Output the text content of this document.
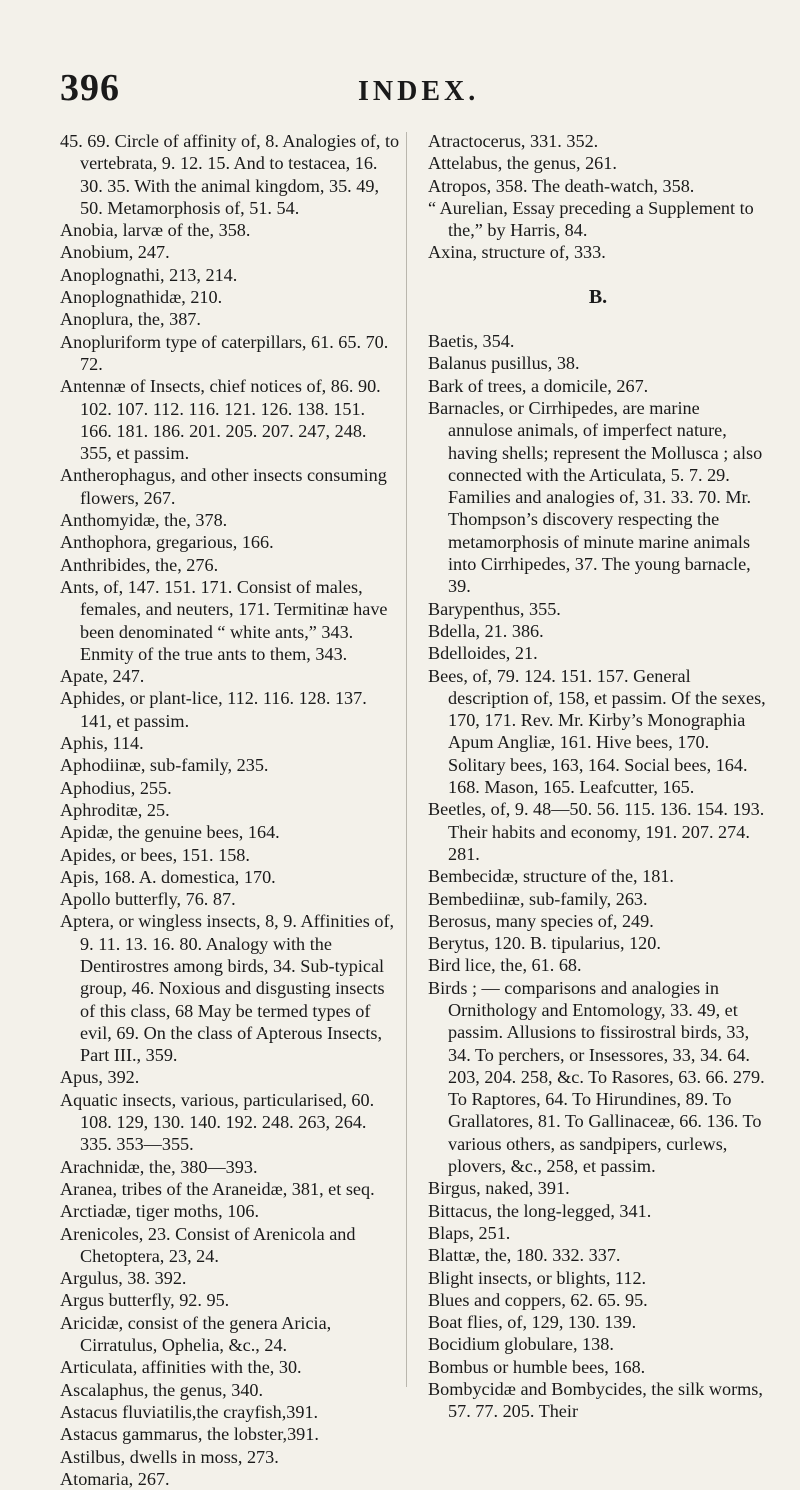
396	INDEX.

45. 69. Circle of affinity of, 8. Analogies of, to vertebrata, 9. 12. 15. And to testacea, 16. 30. 35. With the animal kingdom, 35. 49, 50. Metamorphosis of, 51. 54.

Anobia, larvæ of the, 358.

Anobium, 247.

Anoplognathi, 213, 214.

Anoplognathidæ, 210.

Anoplura, the, 387.

Anopluriform type of caterpillars, 61. 65. 70. 72.

Antennæ of Insects, chief notices of, 86. 90. 102. 107. 112. 116. 121. 126. 138. 151. 166. 181. 186. 201. 205. 207. 247, 248. 355, et passim.

Antherophagus, and other insects consuming flowers, 267.

Anthomyidæ, the, 378.

Anthophora, gregarious, 166.

Anthribides, the, 276.

Ants, of, 147. 151. 171. Consist of males, females, and neuters, 171. Termitinæ have been denominated “ white ants,” 343. Enmity of the true ants to them, 343.

Apate, 247.

Aphides, or plant-lice, 112. 116. 128. 137. 141, et passim.

Aphis, 114.

Aphodiinæ, sub-family, 235.

Aphodius, 255.

Aphroditæ, 25.

Apidæ, the genuine bees, 164.

Apides, or bees, 151. 158.

Apis, 168. A. domestica, 170.

Apollo butterfly, 76. 87.

Aptera, or wingless insects, 8, 9. Affinities of, 9. 11. 13. 16. 80. Analogy with the Dentirostres among birds, 34. Sub-typical group, 46. Noxious and disgusting insects of this class, 68 May be termed types of evil, 69. On the class of Apterous Insects, Part III., 359.

Apus, 392.

Aquatic insects, various, particularised, 60. 108. 129, 130. 140. 192. 248. 263, 264. 335. 353—355.

Arachnidæ, the, 380—393.

Aranea, tribes of the Araneidæ, 381, et seq.

Arctiadæ, tiger moths, 106.

Arenicoles, 23. Consist of Arenicola and Chetoptera, 23, 24.

Argulus, 38. 392.

Argus butterfly, 92. 95.

Aricidæ, consist of the genera Aricia, Cirratulus, Ophelia, &c., 24.

Articulata, affinities with the, 30.

Ascalaphus, the genus, 340.

Astacus fluviatilis,the crayfish,391.

Astacus gammarus, the lobster,391.

Astilbus, dwells in moss, 273.

Atomaria, 267.

Atractocerus, 331. 352.

Attelabus, the genus, 261.

Atropos, 358. The death-watch, 358.

“ Aurelian, Essay preceding a Supplement to the,” by Harris, 84.

Axina, structure of, 333.

B.

Baetis, 354.

Balanus pusillus, 38.

Bark of trees, a domicile, 267.

Barnacles, or Cirrhipedes, are marine annulose animals, of imperfect nature, having shells; represent the Mollusca ; also connected with the Articulata, 5. 7. 29. Families and analogies of, 31. 33. 70. Mr. Thompson’s discovery respecting the metamorphosis of minute marine animals into Cirrhipedes, 37. The young barnacle, 39.

Barypenthus, 355.

Bdella, 21. 386.

Bdelloides, 21.

Bees, of, 79. 124. 151. 157. General description of, 158, et passim. Of the sexes, 170, 171. Rev. Mr. Kirby’s Monographia Apum Angliæ, 161. Hive bees, 170. Solitary bees, 163, 164. Social bees, 164. 168. Mason, 165. Leafcutter, 165.

Beetles, of, 9. 48—50. 56. 115. 136. 154. 193. Their habits and economy, 191. 207. 274. 281.

Bembecidæ, structure of the, 181.

Bembediinæ, sub-family, 263.

Berosus, many species of, 249.

Berytus, 120. B. tipularius, 120.

Bird lice, the, 61. 68.

Birds ; — comparisons and analogies in Ornithology and Entomology, 33. 49, et passim. Allusions to fissirostral birds, 33, 34. To perchers, or Insessores, 33, 34. 64. 203, 204. 258, &c. To Rasores, 63. 66. 279. To Raptores, 64. To Hirundines, 89. To Grallatores, 81. To Gallinaceæ, 66. 136. To various others, as sandpipers, curlews, plovers, &c., 258, et passim.

Birgus, naked, 391.

Bittacus, the long-legged, 341.

Blaps, 251.

Blattæ, the, 180. 332. 337.

Blight insects, or blights, 112.

Blues and coppers, 62. 65. 95.

Boat flies, of, 129, 130. 139.

Bocidium globulare, 138.

Bombus or humble bees, 168.

Bombycidæ and Bombycides, the silk worms, 57. 77. 205. Their
